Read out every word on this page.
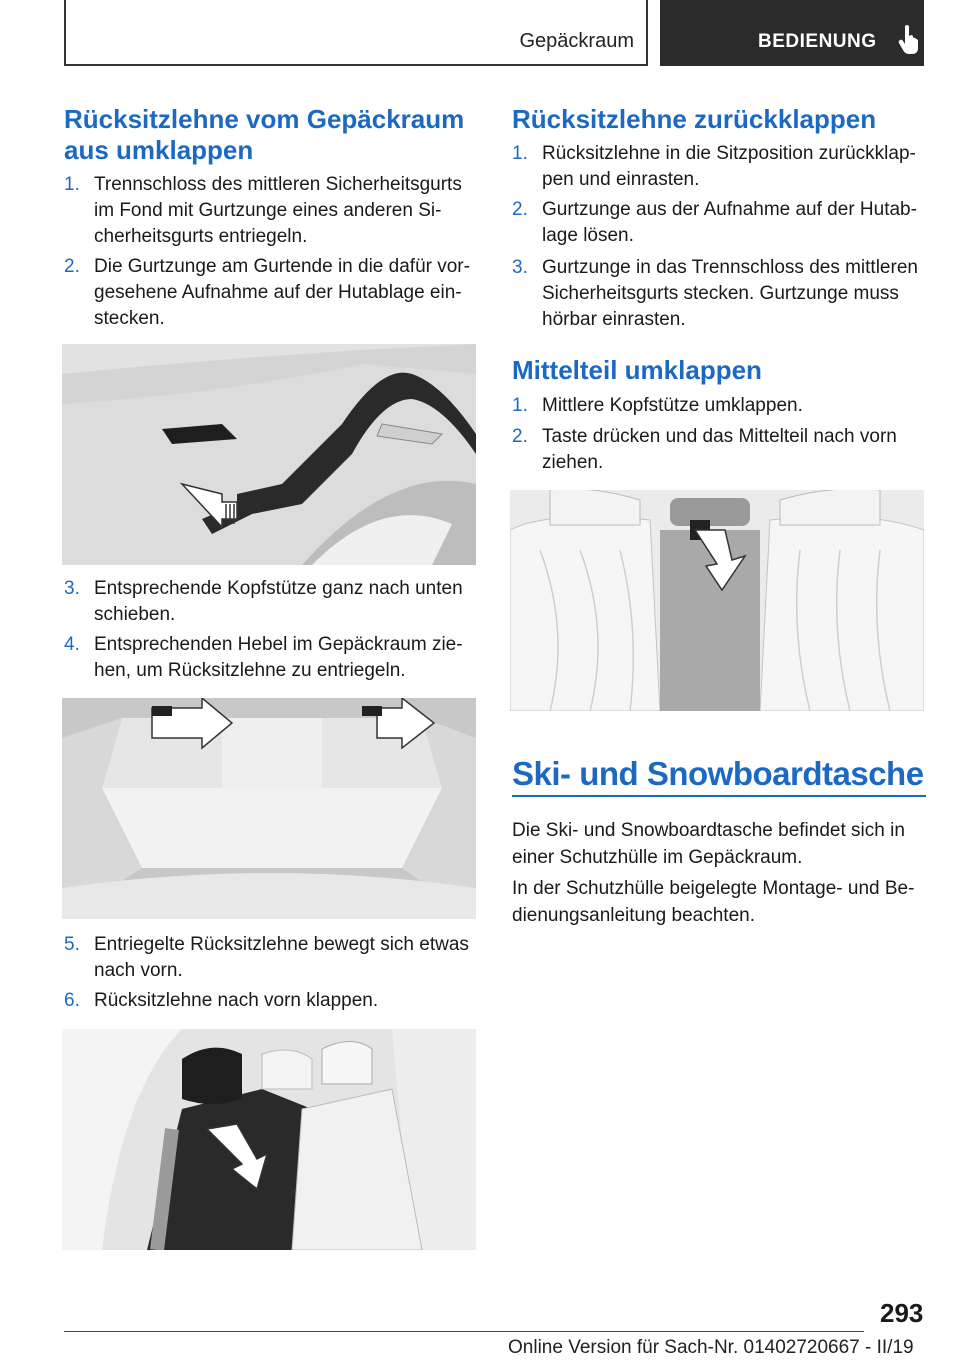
Gepäckraum	BEDIENUNG
Rücksitzlehne vom Gepäckraum aus umklappen
1. Trennschloss des mittleren Sicherheitsgurts
im Fond mit Gurtzunge eines anderen Si‐
cherheitsgurts entriegeln.
2. Die Gurtzunge am Gurtende in die dafür vor‐
gesehene Aufnahme auf der Hutablage ein‐
stecken.
3. Entsprechende Kopfstütze ganz nach unten
schieben.
4. Entsprechenden Hebel im Gepäckraum zie‐
hen, um Rücksitzlehne zu entriegeln.
5. Entriegelte Rücksitzlehne bewegt sich etwas
nach vorn.
6. Rücksitzlehne nach vorn klappen.
Rücksitzlehne zurückklappen
1. Rücksitzlehne in die Sitzposition zurückklap‐
pen und einrasten.
2. Gurtzunge aus der Aufnahme auf der Hutab‐
lage lösen.
3. Gurtzunge in das Trennschloss des mittleren
Sicherheitsgurts stecken. Gurtzunge muss
hörbar einrasten.
Mittelteil umklappen
1. Mittlere Kopfstütze umklappen.
2. Taste drücken und das Mittelteil nach vorn
ziehen.
Ski- und Snowboardtasche
Die Ski- und Snowboardtasche befindet sich in
einer Schutzhülle im Gepäckraum.
In der Schutzhülle beigelegte Montage- und Be‐
dienungsanleitung beachten.
293
Online Version für Sach-Nr. 01402720667 - II/19
